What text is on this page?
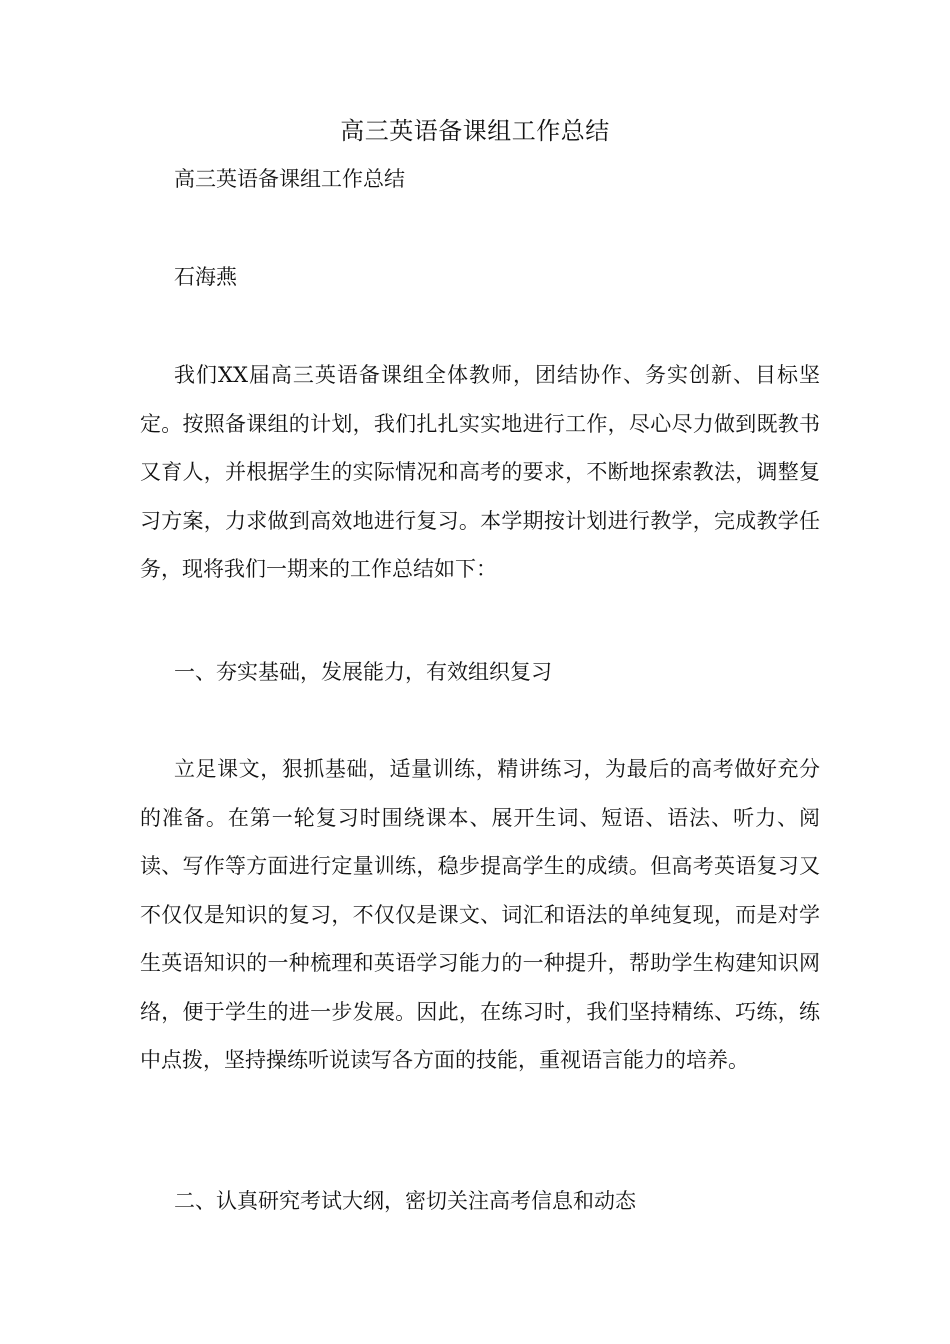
高三英语备课组工作总结
高三英语备课组工作总结
石海燕

我们XX届高三英语备课组全体教师，团结协作、务实创新、目标坚定。按照备课组的计划，我们扎扎实实地进行工作，尽心尽力做到既教书又育人，并根据学生的实际情况和高考的要求，不断地探索教法，调整复习方案，力求做到高效地进行复习。本学期按计划进行教学，完成教学任务，现将我们一期来的工作总结如下：

一、夯实基础，发展能力，有效组织复习

立足课文，狠抓基础，适量训练，精讲练习，为最后的高考做好充分的准备。在第一轮复习时围绕课本、展开生词、短语、语法、听力、阅读、写作等方面进行定量训练，稳步提高学生的成绩。但高考英语复习又不仅仅是知识的复习，不仅仅是课文、词汇和语法的单纯复现，而是对学生英语知识的一种梳理和英语学习能力的一种提升，帮助学生构建知识网络，便于学生的进一步发展。因此，在练习时，我们坚持精练、巧练，练中点拨，坚持操练听说读写各方面的技能，重视语言能力的培养。

二、认真研究考试大纲，密切关注高考信息和动态
